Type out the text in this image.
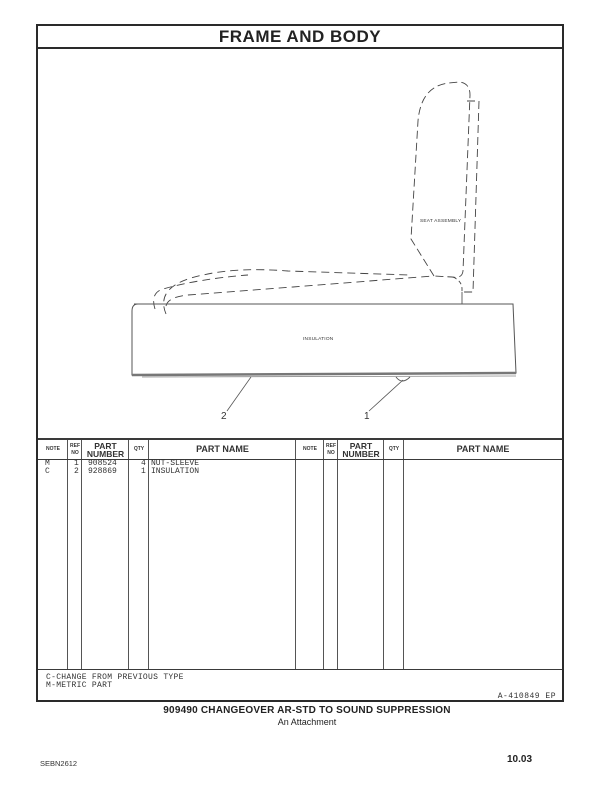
FRAME AND BODY
SEAT ASSEMBLY
INSULATION
2	1
NOTE
REF
NO
PART
NUMBER	QTY	PART NAME	NOTE
REF
NO
PART
NUMBER	QTY	PART NAME
M	1 908524	4 NUT-SLEEVE
C	2 928869	1 INSULATION
C-CHANGE FROM PREVIOUS TYPE
M-METRIC PART
A-410849 EP
909490 CHANGEOVER AR-STD TO SOUND SUPPRESSION
An Attachment
SEBN2612	10.03
